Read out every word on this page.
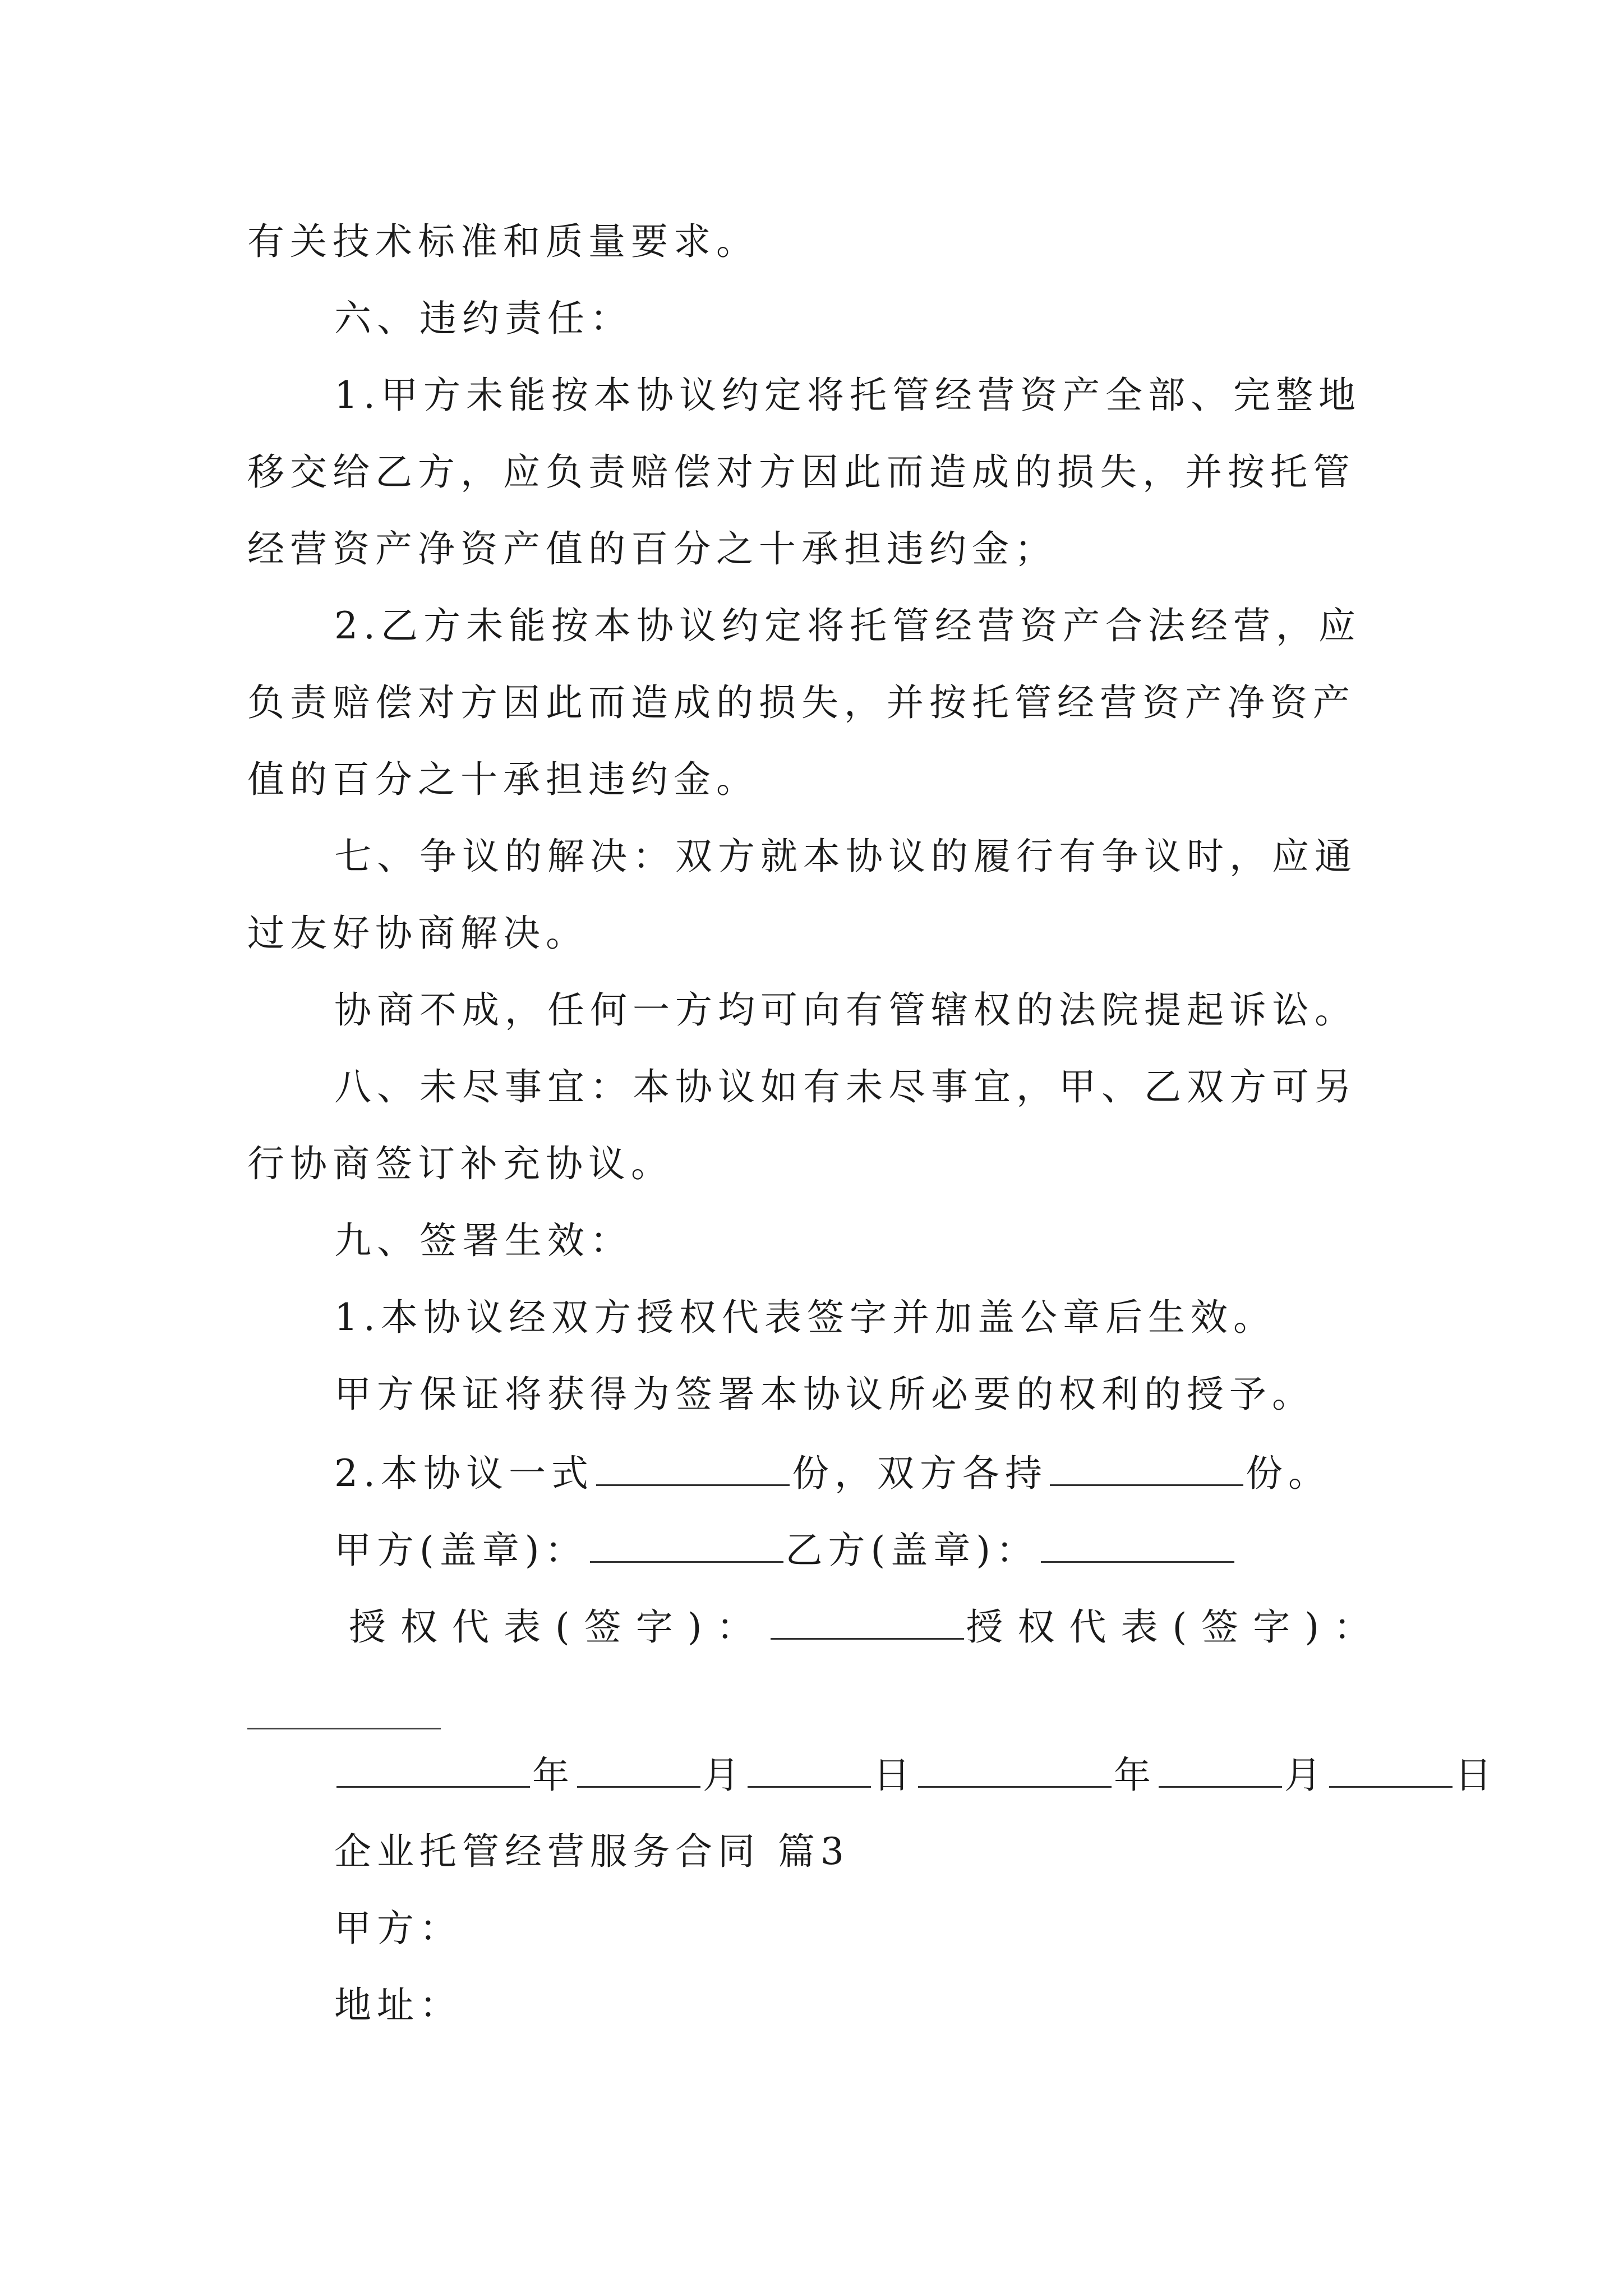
有关技术标准和质量要求。
六、违约责任：
1.甲方未能按本协议约定将托管经营资产全部、完整地
移交给乙方，应负责赔偿对方因此而造成的损失，并按托管
经营资产净资产值的百分之十承担违约金；
2.乙方未能按本协议约定将托管经营资产合法经营，应
负责赔偿对方因此而造成的损失，并按托管经营资产净资产
值的百分之十承担违约金。
七、争议的解决：双方就本协议的履行有争议时，应通
过友好协商解决。
协商不成，任何一方均可向有管辖权的法院提起诉讼。
八、未尽事宜：本协议如有未尽事宜，甲、乙双方可另
行协商签订补充协议。
九、签署生效：
1.本协议经双方授权代表签字并加盖公章后生效。
甲方保证将获得为签署本协议所必要的权利的授予。
2.本协议一式	份，双方各持	份。
甲方(盖章)：	乙方(盖章)：
授权代表(签字)：	授权代表(签字)：
年	月	日	年	月	日
企业托管经营服务合同 篇3
甲方：
地址：
